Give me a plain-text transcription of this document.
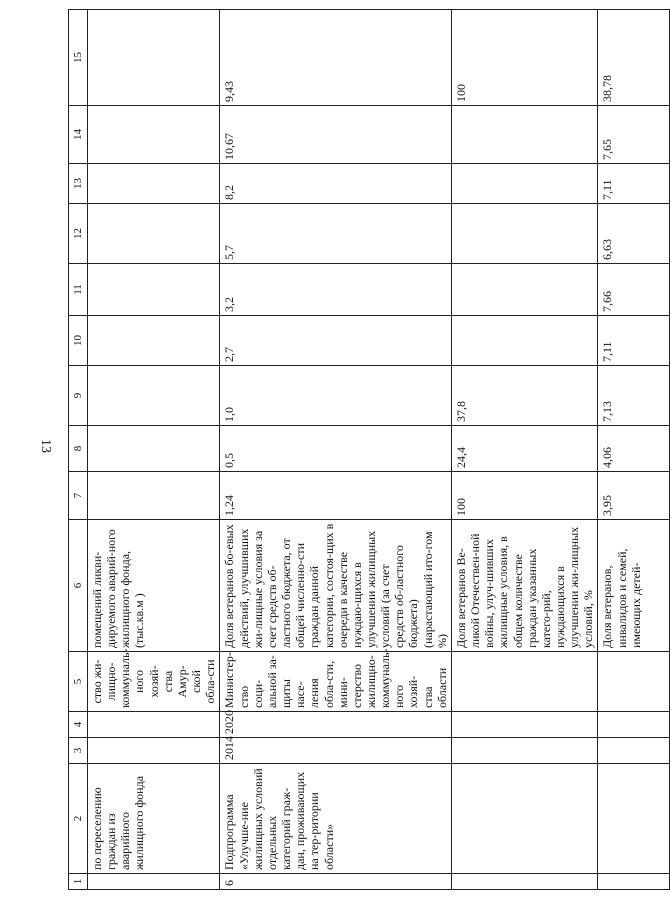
13
1	2	3	4	5	6	7	8	9	10	11	12	13	14	15
	по переселению граждан из аварийного жилищного фонда			ство жи-лищно-коммуналь-ного хозяй-ства Амур-ской обла-сти	помещений ликви-дируемого аварий-ного жилищного фонда, (тыс.кв.м )									
6	Подпрограмма «Улучше-ние жилищных условий отдельных категорий граж-дан, проживающих на тер-ритории области»	2014	2020	Министер-ство соци-альной за-щиты насе-ления обла-сти, мини-стерство жилищно-коммуналь-ного хозяй-ства области	Доля ветеранов бо-евых действий, улучшивших жи-лищные условия за счет средств об-ластного бюджета, от общей численно-сти граждан данной категории, состоя-щих в очереди в качестве нуждаю-щихся в улучшении жилищных условий (за счет средств об-ластного бюджета) (нарастающий ито-гом %)	1,24	0,5	1,0	2,7	3,2	5,7	8,2	10,67	9,43
					Доля ветеранов Ве-ликой Отечествен-ной войны, улуч-шивших жилищные условия, в общем количестве граждан указанных катего-рий, нуждающихся в улучшении жи-лищных условий, %	100	24,4	37,8						100
					Доля ветеранов, инвалидов и семей, имеющих детей-	3,95	4,06	7,13	7,11	7,66	6,63	7,11	7,65	38,78
